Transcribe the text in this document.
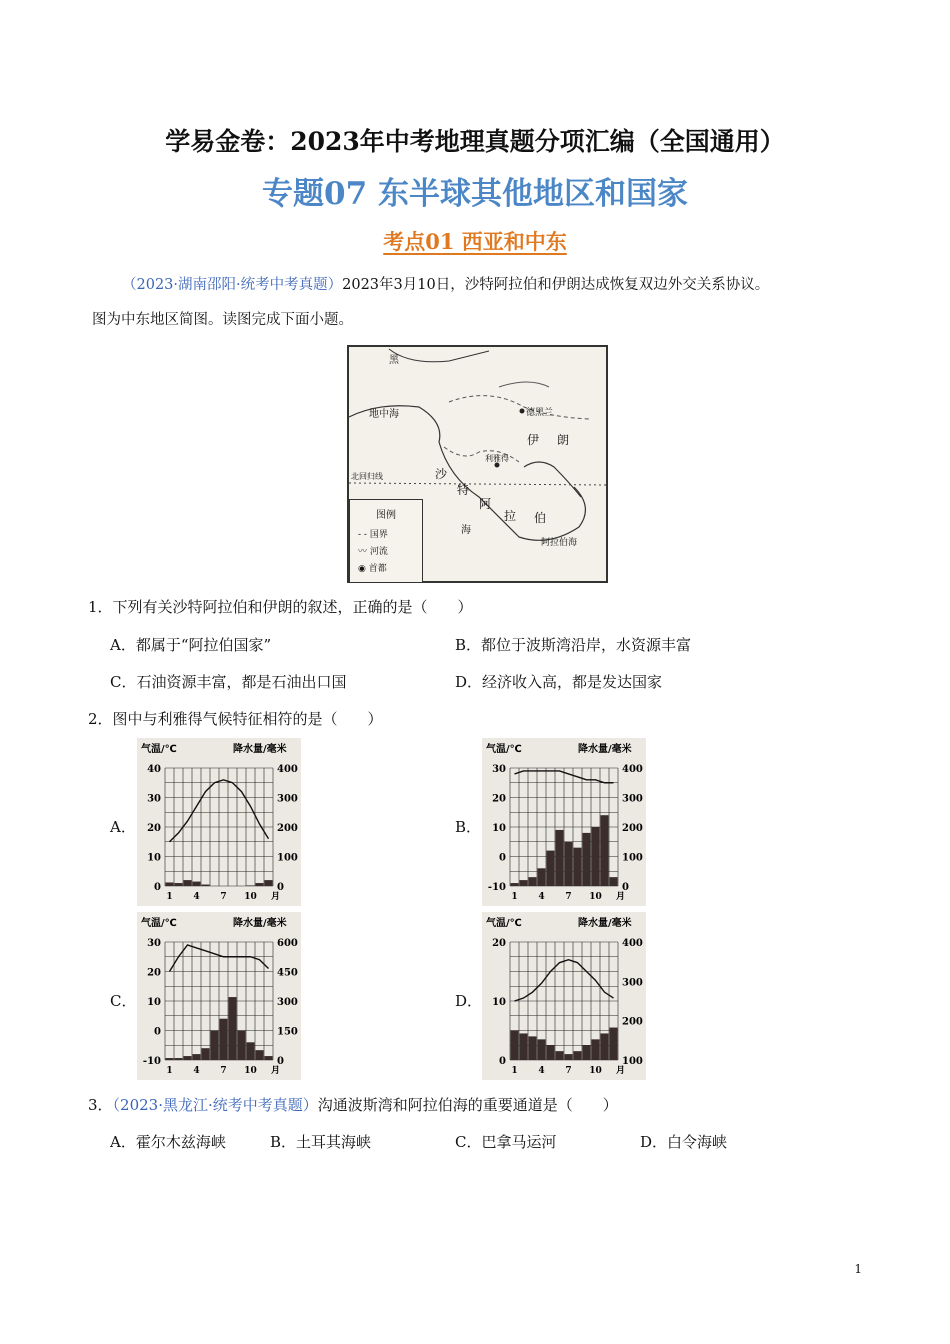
学易金卷：2023年中考地理真题分项汇编（全国通用）
专题07 东半球其他地区和国家
考点01 西亚和中东
（2023·湖南邵阳·统考中考真题）2023年3月10日，沙特阿拉伯和伊朗达成恢复双边外交关系协议。
图为中东地区简图。读图完成下面小题。
黑
地中海	德黑兰
伊 朗
沙
特
阿
拉 伯
利雅得
北回归线
海
阿拉伯海
图例
- - 国界
〰 河流
◉ 首都
1．下列有关沙特阿拉伯和伊朗的叙述，正确的是（　　）
A．都属于“阿拉伯国家”	B．都位于波斯湾沿岸，水资源丰富
C．石油资源丰富，都是石油出口国	D．经济收入高，都是发达国家
2．图中与利雅得气候特征相符的是（　　）
A．	B．
C．	D．
气温/℃	降水量/毫米
40
30
20
10
0
400
300
200
100
0
1 4 7 10 月
气温/℃	降水量/毫米
30
20
10
0
-10
400
300
200
100
0
1 4 7 10 月
气温/℃	降水量/毫米
30
20
10
0
-10
600
450
300
150
0
1 4 7 10 月
气温/℃	降水量/毫米
20
10
0
400
300
200
100
1 4 7 10 月
3．（2023·黑龙江·统考中考真题）沟通波斯湾和阿拉伯海的重要通道是（　　）
A．霍尔木兹海峡	B．土耳其海峡	C．巴拿马运河	D．白令海峡
1
